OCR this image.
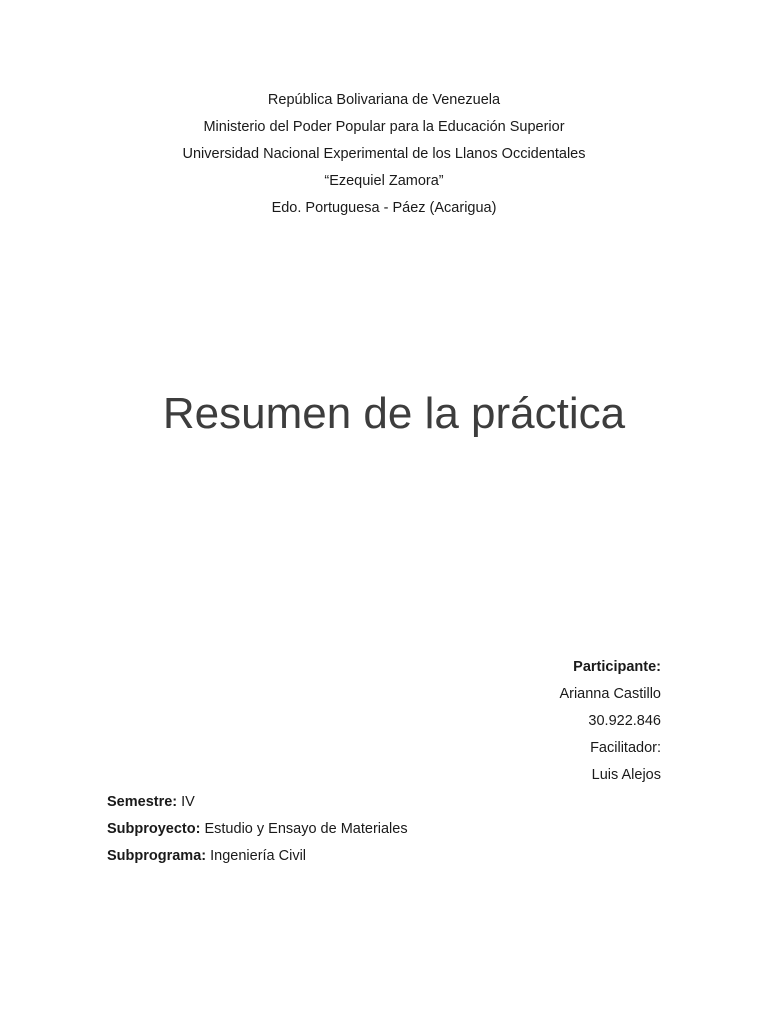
República Bolivariana de Venezuela
Ministerio del Poder Popular para la Educación Superior
Universidad Nacional Experimental de los Llanos Occidentales
“Ezequiel Zamora”
Edo. Portuguesa - Páez (Acarigua)
Resumen de la práctica
Participante:
Arianna Castillo
30.922.846
Facilitador:
Luis Alejos
Semestre: IV
Subproyecto: Estudio y Ensayo de Materiales
Subprograma: Ingeniería Civil
